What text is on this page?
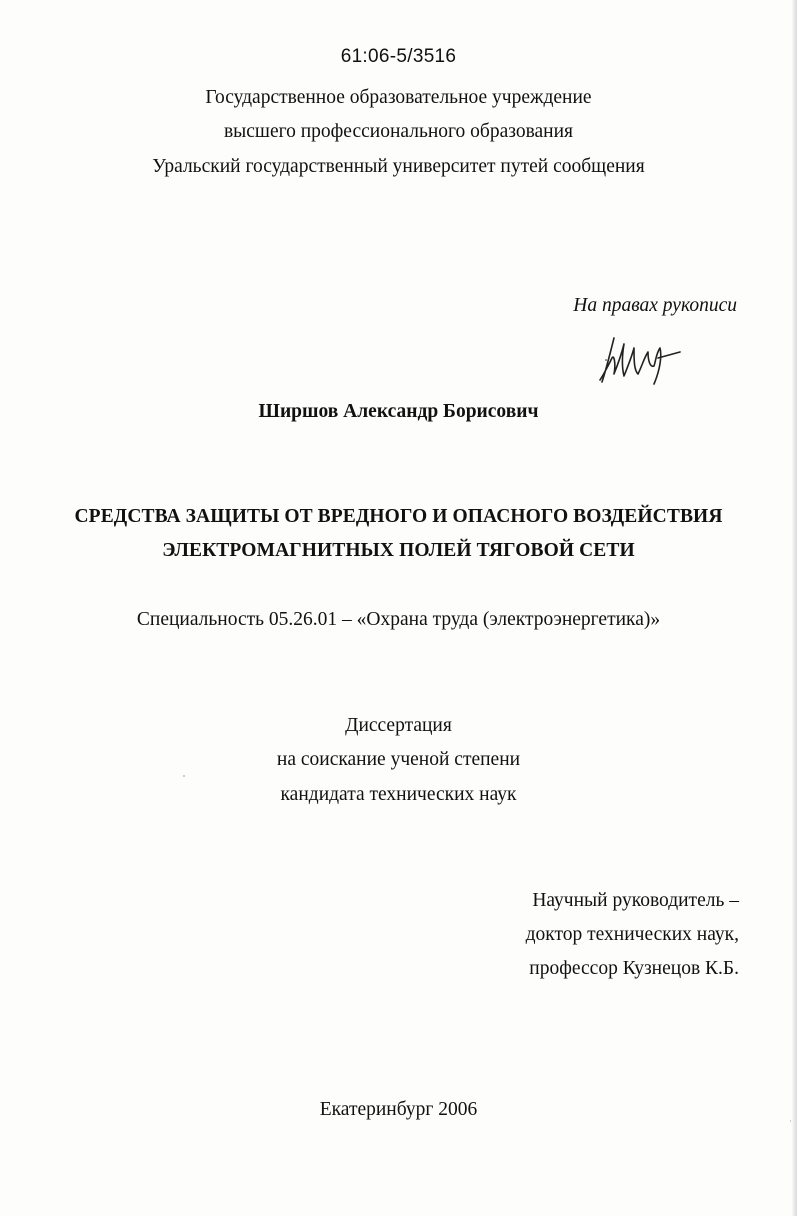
61:06-5/3516
Государственное образовательное учреждение
высшего профессионального образования
Уральский государственный университет путей сообщения
На правах рукописи
Ширшов Александр Борисович
СРЕДСТВА ЗАЩИТЫ ОТ ВРЕДНОГО И ОПАСНОГО ВОЗДЕЙСТВИЯ
ЭЛЕКТРОМАГНИТНЫХ ПОЛЕЙ ТЯГОВОЙ СЕТИ
Специальность 05.26.01 – «Охрана труда (электроэнергетика)»
Диссертация
на соискание ученой степени
кандидата технических наук
Научный руководитель –
доктор технических наук,
профессор Кузнецов К.Б.
Екатеринбург 2006
